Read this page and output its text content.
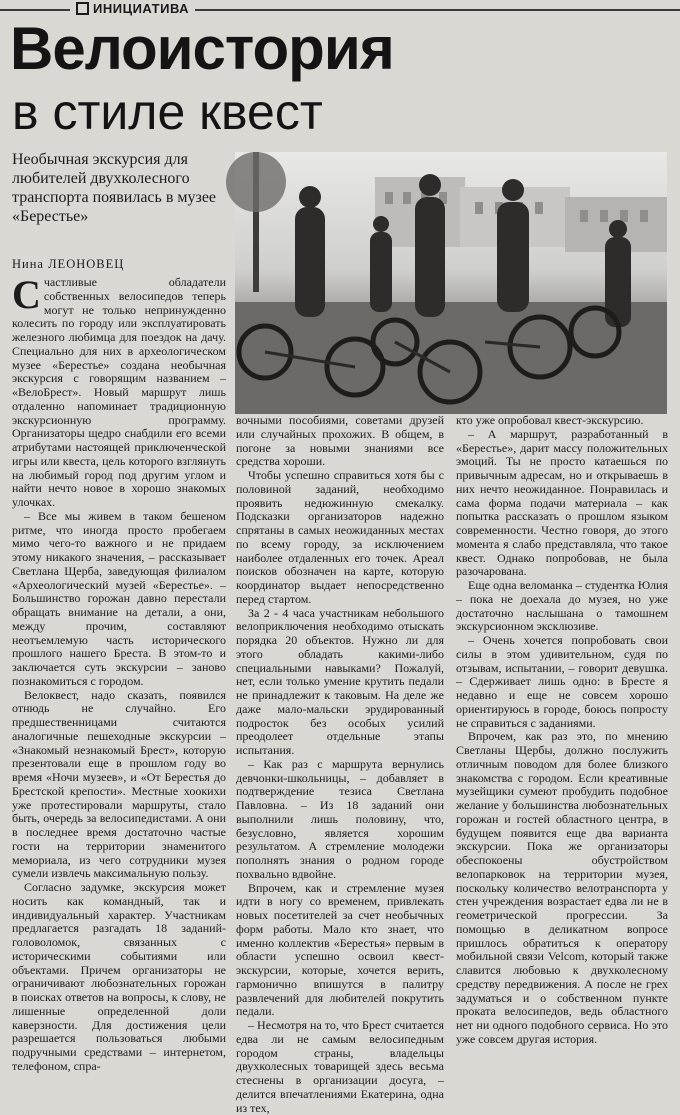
ИНИЦИАТИВА
Велоистория
в стиле квест
Необычная экскурсия для любителей двухколесного транспорта появилась в музее «Берестье»
Нина ЛЕОНОВЕЦ

Счастливые обладатели собственных велосипедов теперь могут не только непринужденно колесить по городу или эксплуатировать железного любимца для поездок на дачу. Специально для них в археологическом музее «Берестье» создана необычная экскурсия с говорящим названием – «ВелоБрест». Новый маршрут лишь отдаленно напоминает традиционную экскурсионную программу. Организаторы щедро снабдили его всеми атрибутами настоящей приключенческой игры или квеста, цель которого взглянуть на любимый город под другим углом и найти нечто новое в хорошо знакомых улочках.

– Все мы живем в таком бешеном ритме, что иногда просто пробегаем мимо чего-то важного и не придаем этому никакого значения, – рассказывает Светлана Щерба, заведующая филиалом «Археологический музей «Берестье». – Большинство горожан давно перестали обращать внимание на детали, а они, между прочим, составляют неотъемлемую часть исторического прошлого нашего Бреста. В этом-то и заключается суть экскурсии – заново познакомиться с городом.

Велоквест, надо сказать, появился отнюдь не случайно. Его предшественницами считаются аналогичные пешеходные экскурсии – «Знакомый незнакомый Брест», которую презентовали еще в прошлом году во время «Ночи музеев», и «От Берестья до Брестской крепости». Местные хоокихи уже протестировали маршруты, стало быть, очередь за велосипедистами. А они в последнее время достаточно частые гости на территории знаменитого мемориала, из чего сотрудники музея сумели извлечь максимальную пользу.

Согласно задумке, экскурсия может носить как командный, так и индивидуальный характер. Участникам предлагается разгадать 18 заданий-головоломок, связанных с историческими событиями или объектами. Причем организаторы не ограничивают любознательных горожан в поисках ответов на вопросы, к слову, не лишенные определенной доли каверзности. Для достижения цели разрешается пользоваться любыми подручными средствами – интернетом, телефоном, спра-

вочными пособиями, советами друзей или случайных прохожих. В общем, в погоне за новыми знаниями все средства хороши.

Чтобы успешно справиться хотя бы с половиной заданий, необходимо проявить недюжинную смекалку. Подсказки организаторов надежно спрятаны в самых неожиданных местах по всему городу, за исключением наиболее отдаленных его точек. Ареал поисков обозначен на карте, которую координатор выдает непосредственно перед стартом.

За 2 - 4 часа участникам небольшого велоприключения необходимо отыскать порядка 20 объектов. Нужно ли для этого обладать какими-либо специальными навыками? Пожалуй, нет, если только умение крутить педали не принадлежит к таковым. На деле же даже мало-мальски эрудированный подросток без особых усилий преодолеет отдельные этапы испытания.

– Как раз с маршрута вернулись девчонки-школьницы, – добавляет в подтверждение тезиса Светлана Павловна. – Из 18 заданий они выполнили лишь половину, что, безусловно, является хорошим результатом. А стремление молодежи пополнять знания о родном городе похвально вдвойне.

Впрочем, как и стремление музея идти в ногу со временем, привлекать новых посетителей за счет необычных форм работы. Мало кто знает, что именно коллектив «Берестья» первым в области успешно освоил квест-экскурсии, которые, хочется верить, гармонично впишутся в палитру развлечений для любителей покрутить педали.

– Несмотря на то, что Брест считается едва ли не самым велосипедным городом страны, владельцы двухколесных товарищей здесь весьма стеснены в организации досуга, – делится впечатлениями Екатерина, одна из тех,

кто уже опробовал квест-экскурсию.

– А маршрут, разработанный в «Берестье», дарит массу положительных эмоций. Ты не просто катаешься по привычным адресам, но и открываешь в них нечто неожиданное. Понравилась и сама форма подачи материала – как попытка рассказать о прошлом языком современности. Честно говоря, до этого момента я слабо представляла, что такое квест. Однако попробовав, не была разочарована.

Еще одна веломанка – студентка Юлия – пока не доехала до музея, но уже достаточно наслышана о тамошнем экскурсионном эксклюзиве.

– Очень хочется попробовать свои силы в этом удивительном, судя по отзывам, испытании, – говорит девушка. – Сдерживает лишь одно: в Бресте я недавно и еще не совсем хорошо ориентируюсь в городе, боюсь попросту не справиться с заданиями.

Впрочем, как раз это, по мнению Светланы Щербы, должно послужить отличным поводом для более близкого знакомства с городом. Если креативные музейщики сумеют пробудить подобное желание у большинства любознательных горожан и гостей областного центра, в будущем появится еще два варианта экскурсии. Пока же организаторы обеспокоены обустройством велопарковок на территории музея, поскольку количество велотранспорта у стен учреждения возрастает едва ли не в геометрической прогрессии. За помощью в деликатном вопросе пришлось обратиться к оператору мобильной связи Velcom, который также славится любовью к двухколесному средству передвижения. А после не грех задуматься и о собственном пункте проката велосипедов, ведь областного нет ни одного подобного сервиса. Но это уже совсем другая история.
